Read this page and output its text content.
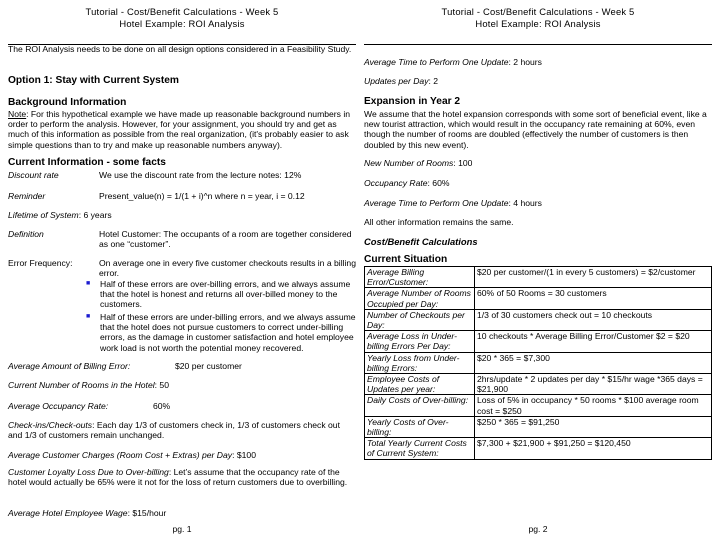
Tutorial - Cost/Benefit Calculations - Week 5
Hotel Example: ROI Analysis
The ROI Analysis needs to be done on all design options considered in a Feasibility Study.
Option 1: Stay with Current System
Background Information
Note: For this hypothetical example we have made up reasonable background numbers in order to perform the analysis. However, for your assignment, you should try and get as much of this information as possible from the real organization, (it's probably easier to ask simple questions than to try and make up reasonable numbers anyway).
Current Information - some facts
Discount rate	We use the discount rate from the lecture notes: 12%
Reminder	Present_value(n) = 1/(1 + i)^n where n = year, i = 0.12
Lifetime of System: 6 years
Definition	Hotel Customer: The occupants of a room are together considered as one “customer”.
Error Frequency:	On average one in every five customer checkouts results in a billing error.
■	Half of these errors are over-billing errors, and we always assume that the hotel is honest and returns all over-billed money to the customers.
■	Half of these errors are under-billing errors, and we always assume that the hotel does not pursue customers to correct under-billing errors, as the damage in customer satisfaction and hotel employee work load is not worth the potential money recovered.
Average Amount of Billing Error:	$20 per customer
Current Number of Rooms in the Hotel: 50
Average Occupancy Rate:	60%
Check-ins/Check-outs: Each day 1/3 of customers check in, 1/3 of customers check out and 1/3 of customers remain unchanged.
Average Customer Charges (Room Cost + Extras) per Day: $100
Customer Loyalty Loss Due to Over-billing: Let’s assume that the occupancy rate of the hotel would actually be 65% were it not for the loss of return customers due to overbilling.
Average Hotel Employee Wage: $15/hour
pg. 1
Tutorial - Cost/Benefit Calculations - Week 5
Hotel Example: ROI Analysis
Average Time to Perform One Update: 2 hours
Updates per Day: 2
Expansion in Year 2
We assume that the hotel expansion corresponds with some sort of beneficial event, like a new tourist attraction, which would result in the occupancy rate remaining at 60%, even though the number of rooms are doubled (effectively the number of customers is then doubled by this new event).
New Number of Rooms: 100
Occupancy Rate: 60%
Average Time to Perform One Update: 4 hours
All other information remains the same.
Cost/Benefit Calculations
Current Situation
Average Billing Error/Customer:	$20 per customer/(1 in every 5 customers) = $2/customer
Average Number of Rooms Occupied per Day:	60% of 50 Rooms = 30 customers
Number of Checkouts per Day:	1/3 of 30 customers check out = 10 checkouts
Average Loss in Under-billing Errors Per Day:	10 checkouts * Average Billing Error/Customer $2 = $20
Yearly Loss from Under-billing Errors:	$20 * 365 = $7,300
Employee Costs of Updates per year:	2hrs/update * 2 updates per day * $15/hr wage *365 days = $21,900
Daily Costs of Over-billing:	Loss of 5% in occupancy * 50 rooms * $100 average room cost = $250
Yearly Costs of Over-billing:	$250 * 365 = $91,250
Total Yearly Current Costs of Current System:	$7,300 + $21,900 + $91,250 = $120,450
pg. 2
